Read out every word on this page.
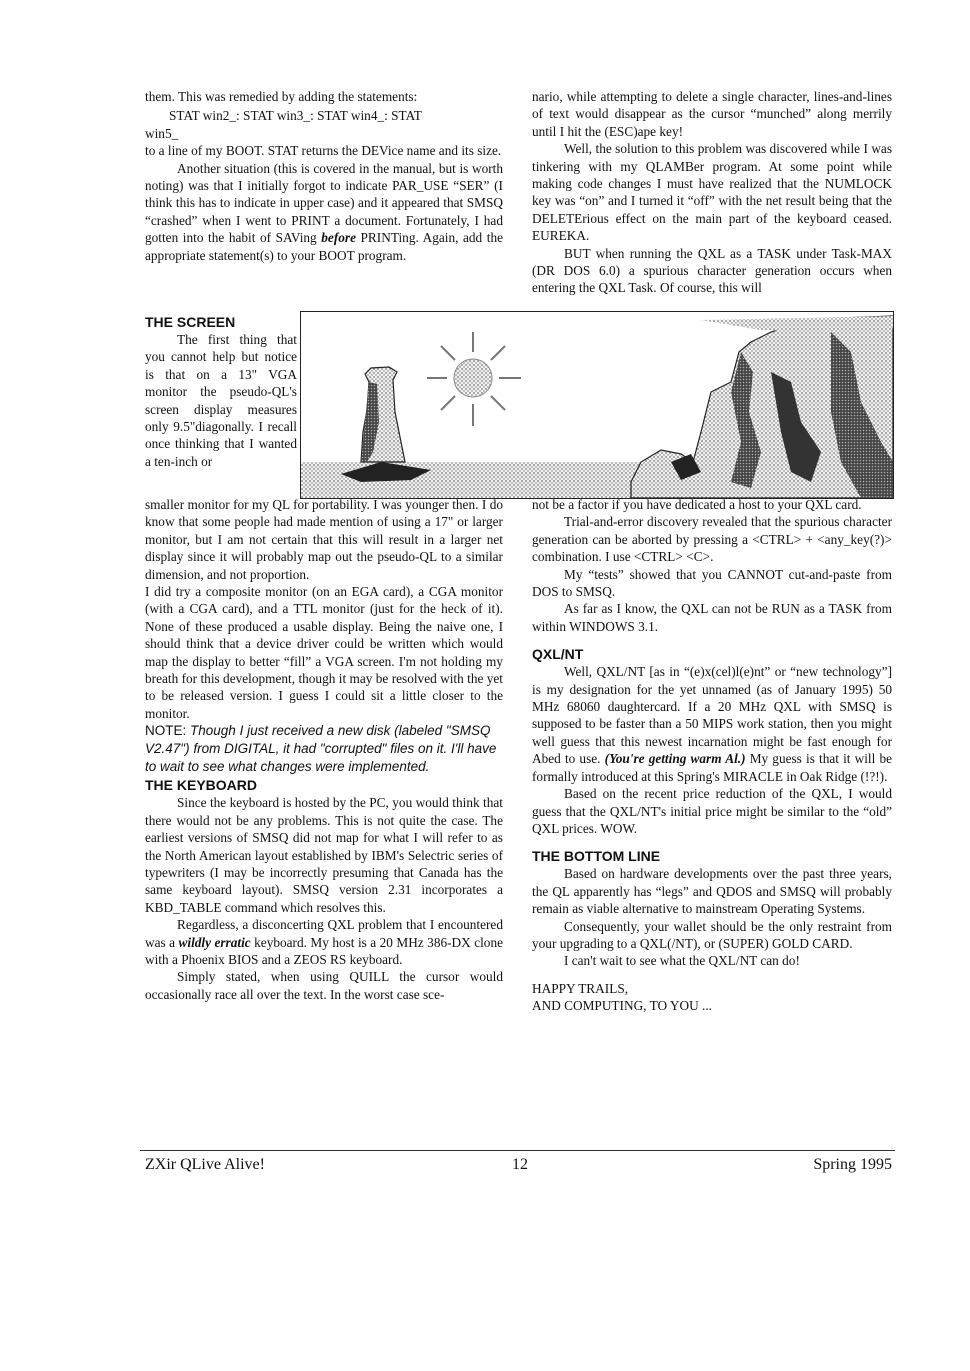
them. This was remedied by adding the statements:

STAT win2_: STAT win3_: STAT win4_: STAT

win5_

to a line of my BOOT. STAT returns the DEVice name and its size.

Another situation (this is covered in the manual, but is worth noting) was that I initially forgot to indicate PAR_USE “SER” (I think this has to indicate in upper case) and it appeared that SMSQ “crashed” when I went to PRINT a document. Fortunately, I had gotten into the habit of SAVing before PRINTing. Again, add the appropriate statement(s) to your BOOT program.

THE SCREEN

The first thing that you cannot help but notice is that on a 13" VGA monitor the pseudo-QL's screen display measures only 9.5"diagonally. I recall once thinking that I wanted a ten-inch or

smaller monitor for my QL for portability. I was younger then. I do know that some people had made mention of using a 17" or larger monitor, but I am not certain that this will result in a larger net display since it will probably map out the pseudo-QL to a similar dimension, and not proportion.

I did try a composite monitor (on an EGA card), a CGA monitor (with a CGA card), and a TTL monitor (just for the heck of it). None of these produced a usable display. Being the naive one, I should think that a device driver could be written which would map the display to better “fill” a VGA screen. I'm not holding my breath for this development, though it may be resolved with the yet to be released version. I guess I could sit a little closer to the monitor.

NOTE: Though I just received a new disk (labeled "SMSQ V2.47") from DIGITAL, it had "corrupted" files on it. I'll have to wait to see what changes were implemented.

THE KEYBOARD

Since the keyboard is hosted by the PC, you would think that there would not be any problems. This is not quite the case. The earliest versions of SMSQ did not map for what I will refer to as the North American layout established by IBM's Selectric series of typewriters (I may be incorrectly presuming that Canada has the same keyboard layout). SMSQ version 2.31 incorporates a KBD_TABLE command which resolves this.

Regardless, a disconcerting QXL problem that I encountered was a wildly erratic keyboard. My host is a 20 MHz 386-DX clone with a Phoenix BIOS and a ZEOS RS keyboard.

Simply stated, when using QUILL the cursor would occasionally race all over the text. In the worst case sce-

nario, while attempting to delete a single character, lines-and-lines of text would disappear as the cursor “munched” along merrily until I hit the (ESC)ape key!

Well, the solution to this problem was discovered while I was tinkering with my QLAMBer program. At some point while making code changes I must have realized that the NUMLOCK key was “on” and I turned it “off” with the net result being that the DELETErious effect on the main part of the keyboard ceased. EUREKA.

BUT when running the QXL as a TASK under Task-MAX (DR DOS 6.0) a spurious character generation occurs when entering the QXL Task. Of course, this will

not be a factor if you have dedicated a host to your QXL card.

Trial-and-error discovery revealed that the spurious character generation can be aborted by pressing a <CTRL> + <any_key(?)> combination. I use <CTRL> <C>.

My “tests” showed that you CANNOT cut-and-paste from DOS to SMSQ.

As far as I know, the QXL can not be RUN as a TASK from within WINDOWS 3.1.

QXL/NT

Well, QXL/NT [as in “(e)x(cel)l(e)nt” or “new technology”] is my designation for the yet unnamed (as of January 1995) 50 MHz 68060 daughtercard. If a 20 MHz QXL with SMSQ is supposed to be faster than a 50 MIPS work station, then you might well guess that this newest incarnation might be fast enough for Abed to use. (You're getting warm Al.) My guess is that it will be formally introduced at this Spring's MIRACLE in Oak Ridge (!?!).

Based on the recent price reduction of the QXL, I would guess that the QXL/NT's initial price might be similar to the “old” QXL prices. WOW.

THE BOTTOM LINE

Based on hardware developments over the past three years, the QL apparently has “legs” and QDOS and SMSQ will probably remain as viable alternative to mainstream Operating Systems.

Consequently, your wallet should be the only restraint from your upgrading to a QXL(/NT), or (SUPER) GOLD CARD.

I can't wait to see what the QXL/NT can do!

HAPPY TRAILS,

AND COMPUTING, TO YOU ...

ZXir QLive Alive!	12	Spring 1995
